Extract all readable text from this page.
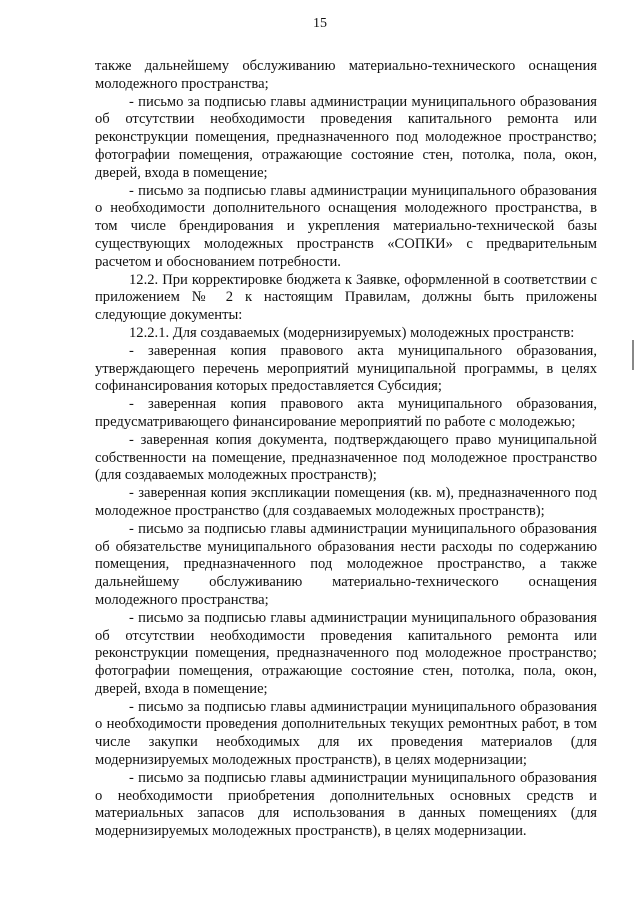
15

также дальнейшему обслуживанию материально-технического оснащения молодежного пространства;

- письмо за подписью главы администрации муниципального образования об отсутствии необходимости проведения капитального ремонта или реконструкции помещения, предназначенного под молодежное пространство; фотографии помещения, отражающие состояние стен, потолка, пола, окон, дверей, входа в помещение;

- письмо за подписью главы администрации муниципального образования о необходимости дополнительного оснащения молодежного пространства, в том числе брендирования и укрепления материально-технической базы существующих молодежных пространств «СОПКИ» с предварительным расчетом и обоснованием потребности.

12.2. При корректировке бюджета к Заявке, оформленной в соответствии с приложением № 2 к настоящим Правилам, должны быть приложены следующие документы:

12.2.1. Для создаваемых (модернизируемых) молодежных пространств:

- заверенная копия правового акта муниципального образования, утверждающего перечень мероприятий муниципальной программы, в целях софинансирования которых предоставляется Субсидия;

- заверенная копия правового акта муниципального образования, предусматривающего финансирование мероприятий по работе с молодежью;

- заверенная копия документа, подтверждающего право муниципальной собственности на помещение, предназначенное под молодежное пространство (для создаваемых молодежных пространств);

- заверенная копия экспликации помещения (кв. м), предназначенного под молодежное пространство (для создаваемых молодежных пространств);

- письмо за подписью главы администрации муниципального образования об обязательстве муниципального образования нести расходы по содержанию помещения, предназначенного под молодежное пространство, а также дальнейшему обслуживанию материально-технического оснащения молодежного пространства;

- письмо за подписью главы администрации муниципального образования об отсутствии необходимости проведения капитального ремонта или реконструкции помещения, предназначенного под молодежное пространство; фотографии помещения, отражающие состояние стен, потолка, пола, окон, дверей, входа в помещение;

- письмо за подписью главы администрации муниципального образования о необходимости проведения дополнительных текущих ремонтных работ, в том числе закупки необходимых для их проведения материалов (для модернизируемых молодежных пространств), в целях модернизации;

- письмо за подписью главы администрации муниципального образования о необходимости приобретения дополнительных основных средств и материальных запасов для использования в данных помещениях (для модернизируемых молодежных пространств), в целях модернизации.
